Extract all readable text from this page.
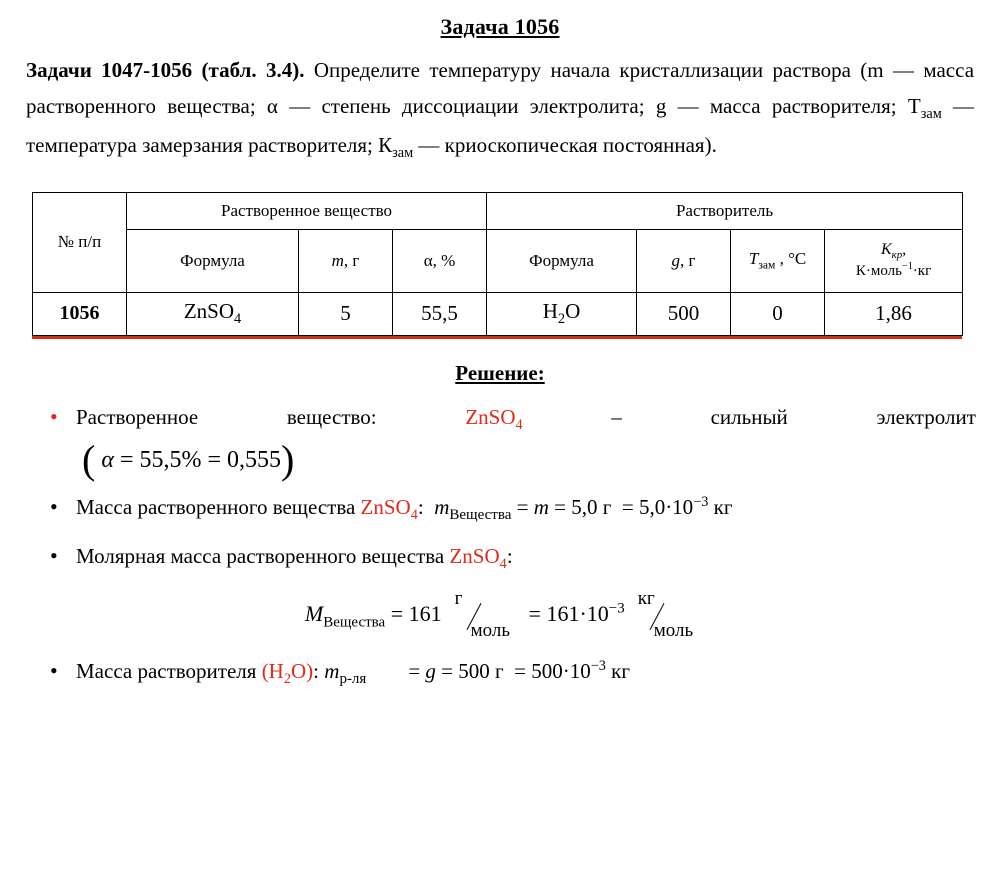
Задача 1056
Задачи 1047-1056 (табл. 3.4). Определите температуру начала кристаллизации раствора (m — масса растворенного вещества; α — степень диссоциации электролита; g — масса растворителя; $Т_{зам}$ — температура замерзания растворителя; $К_{зам}$ — криоскопическая постоянная).
№ п/п	Растворенное вещество			Растворитель			
	Формула	m, г	α, %	Формула	g, г	$T_{зам}$ , °С	$K_{кр}$,
К·моль$^{-1}$·кг
1056	ZnSO$_4$	5	55,5	$H_2O$	500	0	1,86
Решение:
• Растворенное	вещество:	ZnSO$_4$	–	сильный	электролит
( α = 55,5% = 0,555 )
• Масса растворенного вещества ZnSO$_4$:  $m_{Вещества} = m = 5,0$ $г = 5,0\cdot 10^{-3}$ кг
• Молярная масса растворенного вещества ZnSO$_4$:
$M_{Вещества} = 161$
г
моль
= $161\cdot 10^{-3}$ кг
моль
• Масса растворителя $(H_2O)$: $m_{р-ля}$        = g = 500 $г = 500\cdot 10^{-3}$ кг
